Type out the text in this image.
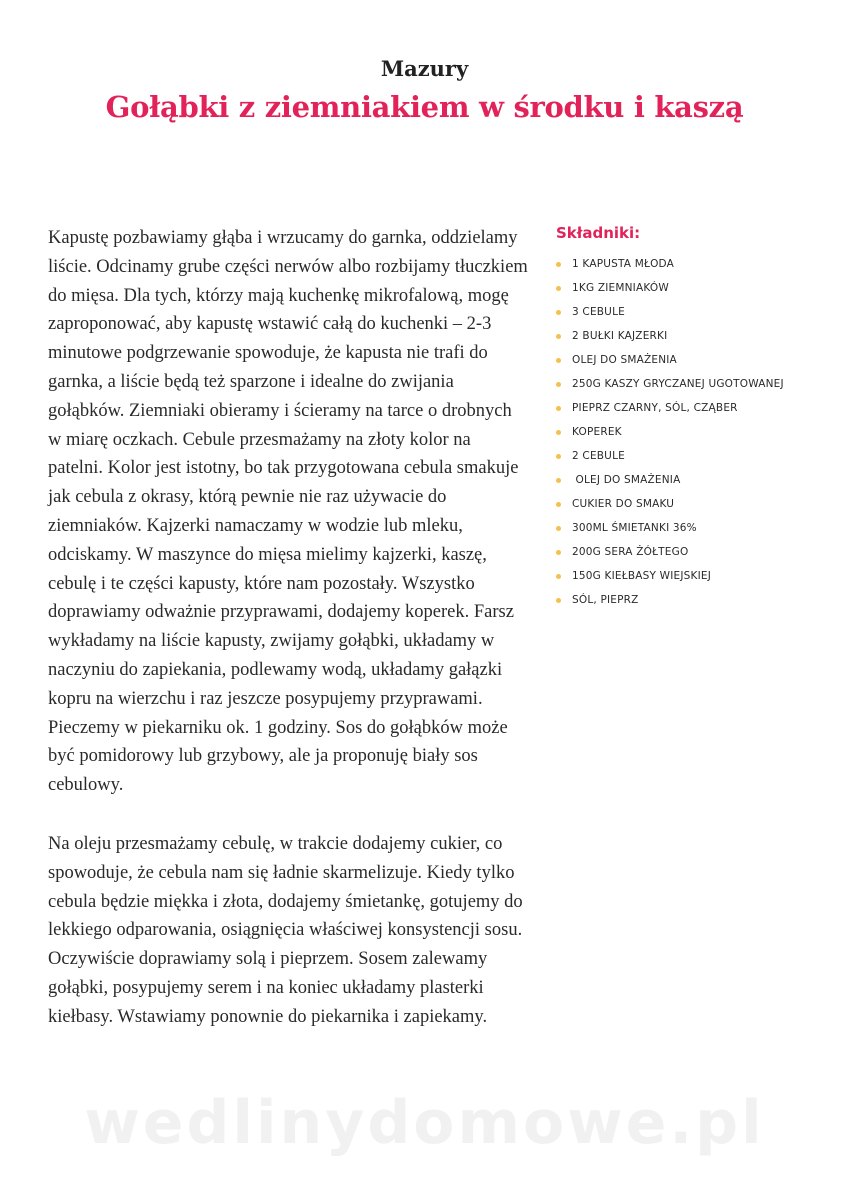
Mazury
Gołąbki z ziemniakiem w środku i kaszą

Kapustę pozbawiamy głąba i wrzucamy do garnka, oddzielamy liście. Odcinamy grube części nerwów albo rozbijamy tłuczkiem do mięsa. Dla tych, którzy mają kuchenkę mikrofalową, mogę zaproponować, aby kapustę wstawić całą do kuchenki – 2-3 minutowe podgrzewanie spowoduje, że kapusta nie trafi do garnka, a liście będą też sparzone i idealne do zwijania gołąbków. Ziemniaki obieramy i ścieramy na tarce o drobnych w miarę oczkach. Cebule przesmażamy na złoty kolor na patelni. Kolor jest istotny, bo tak przygotowana cebula smakuje jak cebula z okrasy, którą pewnie nie raz używacie do ziemniaków. Kajzerki namaczamy w wodzie lub mleku, odciskamy. W maszynce do mięsa mielimy kajzerki, kaszę, cebulę i te części kapusty, które nam pozostały. Wszystko doprawiamy odważnie przyprawami, dodajemy koperek. Farsz wykładamy na liście kapusty, zwijamy gołąbki, układamy w naczyniu do zapiekania, podlewamy wodą, układamy gałązki kopru na wierzchu i raz jeszcze posypujemy przyprawami. Pieczemy w piekarniku ok. 1 godziny. Sos do gołąbków może być pomidorowy lub grzybowy, ale ja proponuję biały sos cebulowy.

Na oleju przesmażamy cebulę, w trakcie dodajemy cukier, co spowoduje, że cebula nam się ładnie skarmelizuje. Kiedy tylko cebula będzie miękka i złota, dodajemy śmietankę, gotujemy do lekkiego odparowania, osiągnięcia właściwej konsystencji sosu. Oczywiście doprawiamy solą i pieprzem. Sosem zalewamy gołąbki, posypujemy serem i na koniec układamy plasterki kiełbasy. Wstawiamy ponownie do piekarnika i zapiekamy.

Składniki:
1 KAPUSTA MŁODA
1KG ZIEMNIAKÓW
3 CEBULE
2 BUŁKI KAJZERKI
OLEJ DO SMAŻENIA
250G KASZY GRYCZANEJ UGOTOWANEJ
PIEPRZ CZARNY, SÓL, CZĄBER
KOPEREK
2 CEBULE
OLEJ DO SMAŻENIA
CUKIER DO SMAKU
300ML ŚMIETANKI 36%
200G SERA ŻÓŁTEGO
150G KIEŁBASY WIEJSKIEJ
SÓL, PIEPRZ
wedlinydomowe.pl
